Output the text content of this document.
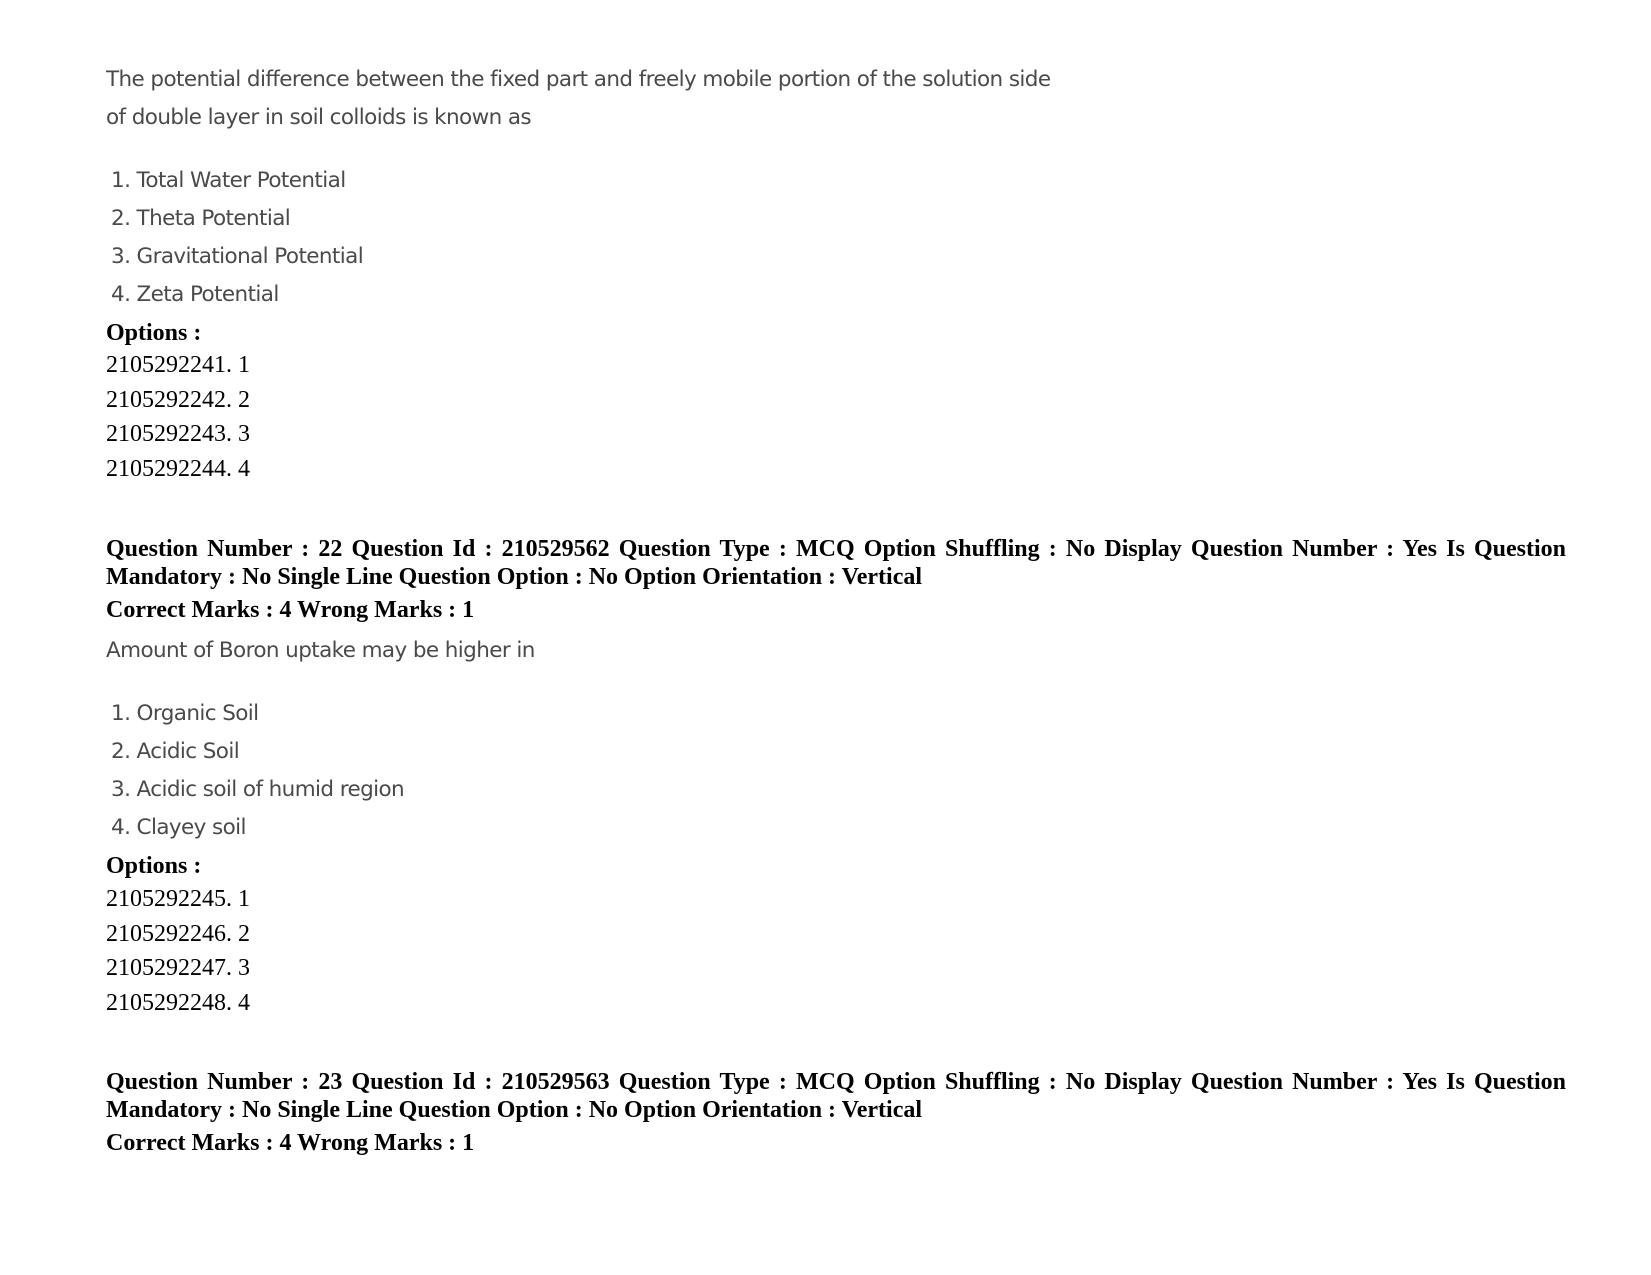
The potential difference between the fixed part and freely mobile portion of the solution side

of double layer in soil colloids is known as

1. Total Water Potential
2. Theta Potential
3. Gravitational Potential
4. Zeta Potential
Options :
2105292241. 1
2105292242. 2
2105292243. 3
2105292244. 4
Question Number : 22 Question Id : 210529562 Question Type : MCQ Option Shuffling : No Display Question Number : Yes Is Question
Mandatory : No Single Line Question Option : No Option Orientation : Vertical
Correct Marks : 4 Wrong Marks : 1
Amount of Boron uptake may be higher in
1. Organic Soil
2. Acidic Soil
3. Acidic soil of humid region
4. Clayey soil
Options :
2105292245. 1
2105292246. 2
2105292247. 3
2105292248. 4
Question Number : 23 Question Id : 210529563 Question Type : MCQ Option Shuffling : No Display Question Number : Yes Is Question
Mandatory : No Single Line Question Option : No Option Orientation : Vertical
Correct Marks : 4 Wrong Marks : 1
